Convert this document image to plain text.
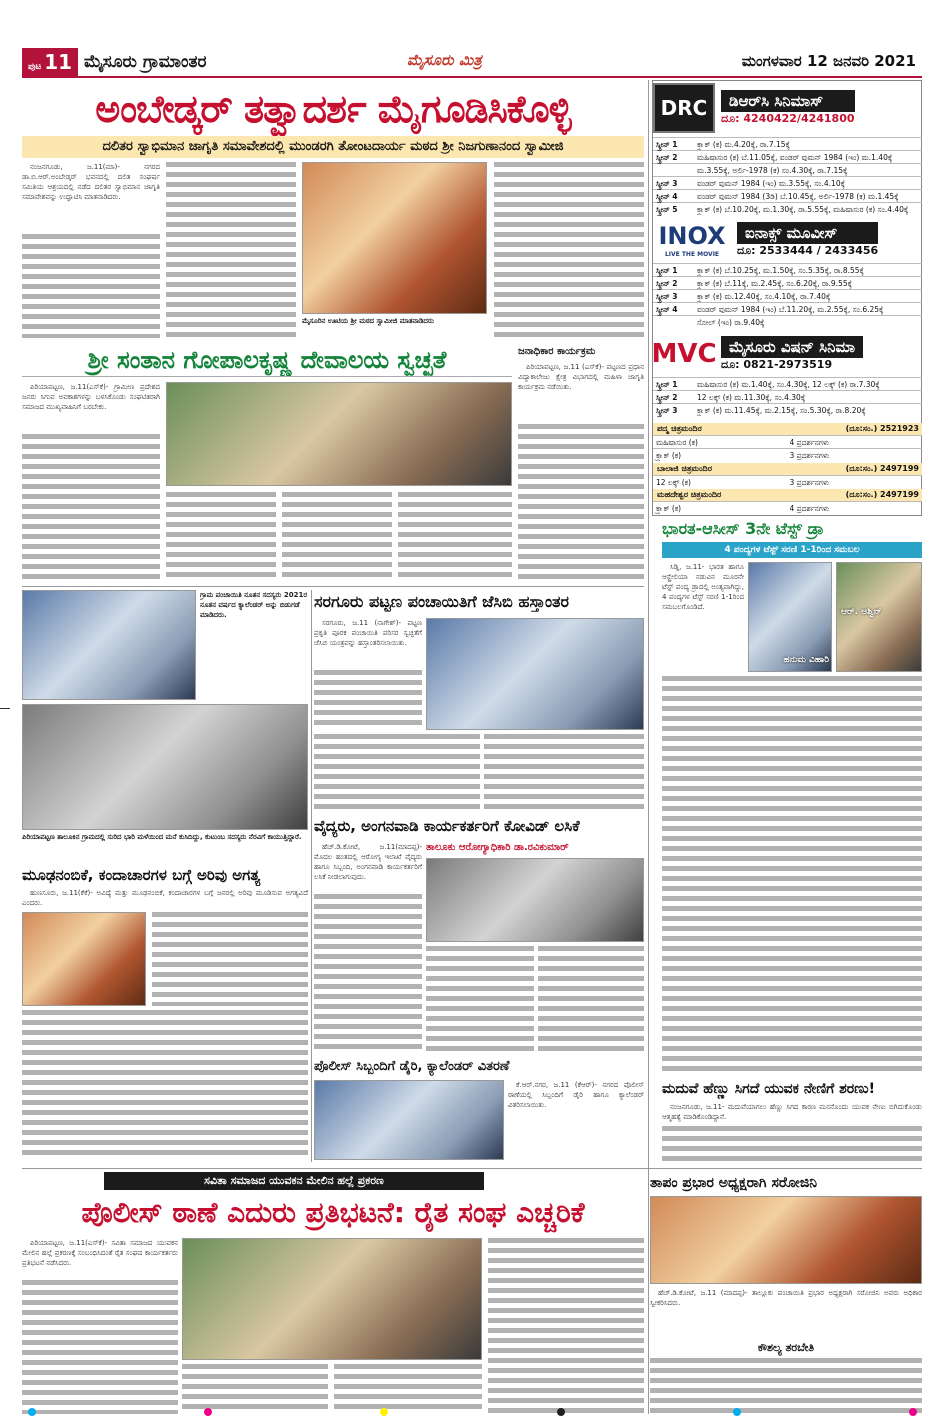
ಪುಟ 11 ಮೈಸೂರು ಗ್ರಾಮಾಂತರ	ಮೈಸೂರು ಮಿತ್ರ	ಮಂಗಳವಾರ 12 ಜನವರಿ 2021
ಅಂಬೇಡ್ಕರ್ ತತ್ವಾದರ್ಶ ಮೈಗೂಡಿಸಿಕೊಳ್ಳಿ
ದಲಿತರ ಸ್ವಾಭಿಮಾನ ಜಾಗೃತಿ ಸಮಾವೇಶದಲ್ಲಿ ಮುಂಡರಗಿ ತೋಂಟದಾರ್ಯ ಮಠದ ಶ್ರೀ ನಿಜಗುಣಾನಂದ ಸ್ವಾಮೀಜಿ

ನಂಜನಗೂಡು, ಜ.11(ಮಾ)- ನಗರದ ಡಾ.ಬಿ.ಆರ್.ಅಂಬೇಡ್ಕರ್ ಭವನದಲ್ಲಿ ದಲಿತ ಸಂಘರ್ಷ ಸಮಿತಿಯ ಆಶ್ರಯದಲ್ಲಿ ನಡೆದ ದಲಿತರ ಸ್ವಾಭಿಮಾನ ಜಾಗೃತಿ ಸಮಾವೇಶವನ್ನು ಉದ್ಘಾಟಿಸಿ ಮಾತನಾಡಿದರು.

ಮೈಸೂರಿನ ಊಟಿಯ ಶ್ರೀ ಮಠದ ಸ್ವಾಮೀಜಿ ಮಾತನಾಡಿದರು
ಶ್ರೀ ಸಂತಾನ ಗೋಪಾಲಕೃಷ್ಣ ದೇವಾಲಯ ಸ್ವಚ್ಛತೆ

ಪಿರಿಯಾಪಟ್ಟಣ, ಜ.11(ಎಸ್‌ಕೆ)- ಗ್ರಾಮೀಣ ಪ್ರದೇಶದ ಜನರು ಸಿಗುವ ಅವಕಾಶಗಳನ್ನು ಬಳಸಿಕೊಂಡು ಸಂಘಟಿತರಾಗಿ ಸಮಾಜದ ಮುಖ್ಯವಾಹಿನಿಗೆ ಬರಬೇಕು.

ಜನಾಧಿಕಾರ ಕಾರ್ಯಕ್ರಮ

ಪಿರಿಯಾಪಟ್ಟಣ, ಜ.11 (ಎಸ್‌ಕೆ)- ಪಟ್ಟಣದ ಪ್ರಧಾನ ವಿದ್ಯಾಕಾಲೇಜು ಕ್ಷೇತ್ರ ವಿಭಾಗದಲ್ಲಿ ಮಹಿಳಾ ಜಾಗೃತಿ ಕಾರ್ಯಕ್ರಮ ನಡೆಯಿತು.

ಗ್ರಾಮ ಪಂಚಾಯಿತಿ ನೂತನ ಸದಸ್ಯರು 2021ರ ನೂತನ ವರ್ಷದ ಕ್ಯಾಲೆಂಡರ್ ಅನ್ನು ಬಿಡುಗಡೆ ಮಾಡಿದರು.
ಪಿರಿಯಾಪಟ್ಟಣ ತಾಲೂಕಿನ ಗ್ರಾಮದಲ್ಲಿ ಸುರಿದ ಭಾರಿ ಮಳೆಯಿಂದ ಮನೆ ಕುಸಿದಿದ್ದು, ಕುಟುಂಬ ಸದಸ್ಯರು ನೆರವಿಗೆ ಕಾಯುತ್ತಿದ್ದಾರೆ.
ಮೂಢನಂಬಿಕೆ, ಕಂದಾಚಾರಗಳ ಬಗ್ಗೆ ಅರಿವು ಅಗತ್ಯ

ಹುಣಸೂರು, ಜ.11(ಕೆಕೆ)- ಅವಿದ್ಯೆ ಮತ್ತು ಮೂಢನಂಬಿಕೆ, ಕಂದಾಚಾರಗಳ ಬಗ್ಗೆ ಜನರಲ್ಲಿ ಅರಿವು ಮೂಡಿಸುವ ಅಗತ್ಯವಿದೆ ಎಂದರು.

ಸರಗೂರು ಪಟ್ಟಣ ಪಂಚಾಯಿತಿಗೆ ಜೆಸಿಬಿ ಹಸ್ತಾಂತರ

ಸರಗೂರು, ಜ.11 (ನಾಗೇಶ್)- ಪಟ್ಟಣ ಪ್ರಕೃತಿ ಪೂರಕ ಪಂಚಾಯಿತಿ ಪರಿಸರ ಸ್ವಚ್ಛತೆಗೆ ಜೆಸಿಬಿ ಯಂತ್ರವನ್ನು ಹಸ್ತಾಂತರಿಸಲಾಯಿತು.

ವೈದ್ಯರು, ಅಂಗನವಾಡಿ ಕಾರ್ಯಕರ್ತರಿಗೆ ಕೋವಿಡ್ ಲಸಿಕೆ

ಹೆಚ್.ಡಿ.ಕೋಟೆ, ಜ.11(ಮಾದಪ್ಪ)- ಮೊದಲ ಹಂತದಲ್ಲಿ ಆರೋಗ್ಯ ಇಲಾಖೆ ವೈದ್ಯರು ಹಾಗೂ ಸಿಬ್ಬಂದಿ, ಅಂಗನವಾಡಿ ಕಾರ್ಯಕರ್ತರಿಗೆ ಲಸಿಕೆ ನೀಡಲಾಗುವುದು.

ತಾಲೂಕು ಆರೋಗ್ಯಾಧಿಕಾರಿ ಡಾ.ರವಿಕುಮಾರ್
ಪೊಲೀಸ್ ಸಿಬ್ಬಂದಿಗೆ ಡೈರಿ, ಕ್ಯಾಲೆಂಡರ್ ವಿತರಣೆ

ಕೆ.ಆರ್.ನಗರ, ಜ.11 (ಕೆಆರ್)- ನಗರದ ಪೊಲೀಸ್ ಠಾಣೆಯಲ್ಲಿ ಸಿಬ್ಬಂದಿಗೆ ಡೈರಿ ಹಾಗೂ ಕ್ಯಾಲೆಂಡರ್ ವಿತರಿಸಲಾಯಿತು.

DRC	ಡಿಆರ್‌ಸಿ ಸಿನಿಮಾಸ್
ದೂ: 4240422/4241800
ಸ್ಕ್ರೀನ್ 1	ಕ್ರ್ಯಾಕ್ (ಕ) ಮ.4.20ಕ್ಕೆ, ರಾ.7.15ಕ್ಕೆ
ಸ್ಕ್ರೀನ್ 2	ಮಹಿಷಾಸುರ (ಕ) ಬೆ.11.05ಕ್ಕೆ, ವಂಡರ್ ವುಮನ್ 1984 (ಇಂ) ಮ.1.40ಕ್ಕೆ
ಮ.3.55ಕ್ಕೆ, ಅರ್ಲಿ-1978 (ಕ) ಸಂ.4.30ಕ್ಕೆ, ರಾ.7.15ಕ್ಕೆ
ಸ್ಕ್ರೀನ್ 3	ವಂಡರ್ ವುಮನ್ 1984 (ಇಂ) ಮ.3.55ಕ್ಕೆ, ಸಂ.4.10ಕ್ಕೆ
ಸ್ಕ್ರೀನ್ 4	ವಂಡರ್ ವುಮನ್ 1984 (3ಡಿ) ಬೆ.10.45ಕ್ಕೆ, ಅರ್ಲಿ-1978 (ಕ) ಮ.1.45ಕ್ಕೆ
ಸ್ಕ್ರೀನ್ 5	ಕ್ರ್ಯಾಕ್ (ಕ) ಬೆ.10.20ಕ್ಕೆ, ಮ.1.30ಕ್ಕೆ, ರಾ.5.55ಕ್ಕೆ, ಮಹಿಷಾಸುರ (ಕ) ಸಂ.4.40ಕ್ಕೆ
INOX
LIVE THE MOVIE
ಐನಾಕ್ಸ್ ಮೂವೀಸ್
ದೂ: 2533444 / 2433456
ಸ್ಕ್ರೀನ್ 1	ಕ್ರ್ಯಾಕ್ (ಕ) ಬೆ.10.25ಕ್ಕೆ, ಮ.1.50ಕ್ಕೆ, ಸಂ.5.35ಕ್ಕೆ, ರಾ.8.55ಕ್ಕೆ
ಸ್ಕ್ರೀನ್ 2	ಕ್ರ್ಯಾಕ್ (ಕ) ಬೆ.11ಕ್ಕೆ, ಮ.2.45ಕ್ಕೆ, ಸಂ.6.20ಕ್ಕೆ, ರಾ.9.55ಕ್ಕೆ
ಸ್ಕ್ರೀನ್ 3	ಕ್ರ್ಯಾಕ್ (ಕ) ಮ.12.40ಕ್ಕೆ, ಸಂ.4.10ಕ್ಕೆ, ರಾ.7.40ಕ್ಕೆ
ಸ್ಕ್ರೀನ್ 4	ವಂಡರ್ ವುಮನ್ 1984 (ಇಂ) ಬೆ.11.20ಕ್ಕೆ, ಮ.2.55ಕ್ಕೆ, ಸಂ.6.25ಕ್ಕೆ
ಸೋಲ್ (ಇಂ) ರಾ.9.40ಕ್ಕೆ
MVC ಮೈಸೂರು ವಿಷನ್ ಸಿನಿಮಾ
ದೂ: 0821-2973519
ಸ್ಕ್ರೀನ್ 1	ಮಹಿಷಾಸುರ (ಕ) ಮ.1.40ಕ್ಕೆ, ಸಂ.4.30ಕ್ಕೆ, 12 ಲಕ್ಕ್ (ಕ) ರಾ.7.30ಕ್ಕೆ
ಸ್ಕ್ರೀನ್ 2	12 ಲಕ್ಕ್ (ಕ) ಮ.11.30ಕ್ಕೆ, ಸಂ.4.30ಕ್ಕೆ
ಸ್ಕ್ರೀನ್ 3	ಕ್ರ್ಯಾಕ್ (ಕ) ಮ.11.45ಕ್ಕೆ, ಮ.2.15ಕ್ಕೆ, ಸಂ.5.30ಕ್ಕೆ, ರಾ.8.20ಕ್ಕೆ
ಪದ್ಮ ಚಿತ್ರಮಂದಿರ	(ದೂ:ಸಂ.) 2521923
ಮಹಿಷಾಸುರ (ಕ)	4 ಪ್ರದರ್ಶನಗಳು
ಕ್ರ್ಯಾಕ್ (ಕ)	3 ಪ್ರದರ್ಶನಗಳು
ಬಾಲಾಜಿ ಚಿತ್ರಮಂದಿರ	(ದೂ:ಸಂ.) 2497199
12 ಲಕ್ಕ್ (ಕ)	3 ಪ್ರದರ್ಶನಗಳು
ಮಹದೇಶ್ವರ ಚಿತ್ರಮಂದಿರ	(ದೂ:ಸಂ.) 2497199
ಕ್ರ್ಯಾಕ್ (ಕ)	4 ಪ್ರದರ್ಶನಗಳು
ಭಾರತ-ಆಸೀಸ್ 3ನೇ ಟೆಸ್ಟ್ ಡ್ರಾ
4 ಪಂದ್ಯಗಳ ಟೆಸ್ಟ್ ಸರಣಿ 1-1ರಿಂದ ಸಮಬಲ

ಸಿಡ್ನಿ, ಜ.11- ಭಾರತ ಹಾಗೂ ಆಸ್ಟ್ರೇಲಿಯಾ ನಡುವಿನ ಮೂರನೇ ಟೆಸ್ಟ್ ಪಂದ್ಯ ಡ್ರಾದಲ್ಲಿ ಅಂತ್ಯವಾಗಿದ್ದು, 4 ಪಂದ್ಯಗಳ ಟೆಸ್ಟ್ ಸರಣಿ 1-1ರಿಂದ ಸಮಬಲಗೊಂಡಿದೆ.

ಹನುಮ ವಿಹಾರಿ
ಆರ್. ಅಶ್ವಿನ್
ಮದುವೆ ಹೆಣ್ಣು ಸಿಗದೆ ಯುವಕ ನೇಣಿಗೆ ಶರಣು!

ನಂಜನಗೂಡು, ಜ.11- ಮದುವೆಯಾಗಲು ಹೆಣ್ಣು ಸಿಗದ ಕಾರಣ ಮನನೊಂದು ಯುವಕ ನೇಣು ಬಿಗಿದುಕೊಂಡು ಆತ್ಮಹತ್ಯೆ ಮಾಡಿಕೊಂಡಿದ್ದಾನೆ.

ಸವಿತಾ ಸಮಾಜದ ಯುವಕನ ಮೇಲಿನ ಹಲ್ಲೆ ಪ್ರಕರಣ
ಪೊಲೀಸ್ ಠಾಣೆ ಎದುರು ಪ್ರತಿಭಟನೆ: ರೈತ ಸಂಘ ಎಚ್ಚರಿಕೆ

ಪಿರಿಯಾಪಟ್ಟಣ, ಜ.11(ಎಸ್‌ಕೆ)- ಸವಿತಾ ಸಮಾಜದ ಯುವಕನ ಮೇಲಿನ ಹಲ್ಲೆ ಪ್ರಕರಣಕ್ಕೆ ಸಂಬಂಧಿಸಿದಂತೆ ರೈತ ಸಂಘದ ಕಾರ್ಯಕರ್ತರು ಪ್ರತಿಭಟನೆ ನಡೆಸಿದರು.

ತಾಪಂ ಪ್ರಭಾರ ಅಧ್ಯಕ್ಷರಾಗಿ ಸರೋಜಿನಿ

ಹೆಚ್.ಡಿ.ಕೋಟೆ, ಜ.11 (ಮಾದಪ್ಪ)- ತಾಲ್ಲೂಕು ಪಂಚಾಯಿತಿ ಪ್ರಭಾರ ಅಧ್ಯಕ್ಷರಾಗಿ ಸರೋಜಿನಿ ಅವರು ಅಧಿಕಾರ ಸ್ವೀಕರಿಸಿದರು.

ಕೌಶಲ್ಯ ತರಬೇತಿ
